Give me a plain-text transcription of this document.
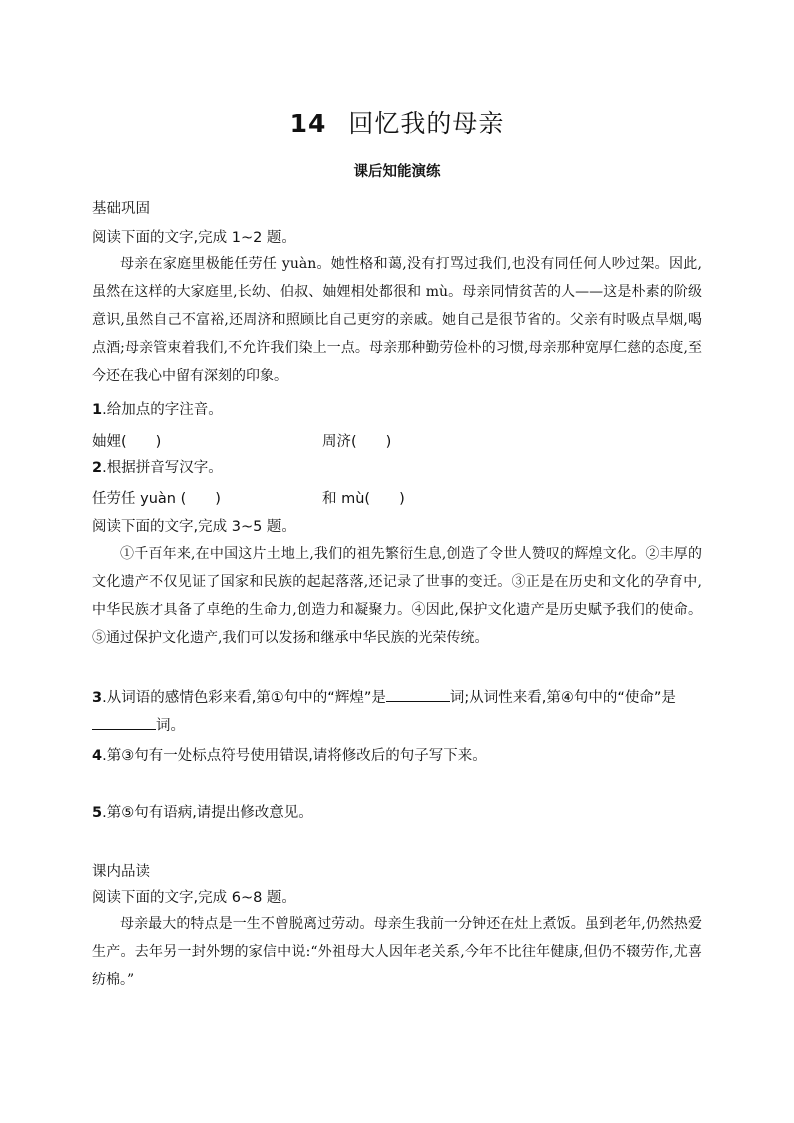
14 回忆我的母亲
课后知能演练
基础巩固
阅读下面的文字,完成 1~2 题。
母亲在家庭里极能任劳任 yuàn。她性格和蔼,没有打骂过我们,也没有同任何人吵过架。因此,虽然在这样的大家庭里,长幼、伯叔、妯娌相处都很和 mù。母亲同情贫苦的人——这是朴素的阶级意识,虽然自己不富裕,还周济和照顾比自己更穷的亲戚。她自己是很节省的。父亲有时吸点旱烟,喝点酒;母亲管束着我们,不允许我们染上一点。母亲那种勤劳俭朴的习惯,母亲那种宽厚仁慈的态度,至今还在我心中留有深刻的印象。
1.给加点的字注音。
妯娌(　　)	周济(　　)
2.根据拼音写汉字。
任劳任 yuàn (　　)	和 mù(　　)
阅读下面的文字,完成 3~5 题。
①千百年来,在中国这片土地上,我们的祖先繁衍生息,创造了令世人赞叹的辉煌文化。②丰厚的文化遗产不仅见证了国家和民族的起起落落,还记录了世事的变迁。③正是在历史和文化的孕育中,中华民族才具备了卓绝的生命力,创造力和凝聚力。④因此,保护文化遗产是历史赋予我们的使命。⑤通过保护文化遗产,我们可以发扬和继承中华民族的光荣传统。
3.从词语的感情色彩来看,第①句中的“辉煌”是	词;从词性来看,第④句中的“使命”是词。
4.第③句有一处标点符号使用错误,请将修改后的句子写下来。
5.第⑤句有语病,请提出修改意见。
课内品读
阅读下面的文字,完成 6~8 题。
母亲最大的特点是一生不曾脱离过劳动。母亲生我前一分钟还在灶上煮饭。虽到老年,仍然热爱生产。去年另一封外甥的家信中说:“外祖母大人因年老关系,今年不比往年健康,但仍不辍劳作,尤喜纺棉。”
